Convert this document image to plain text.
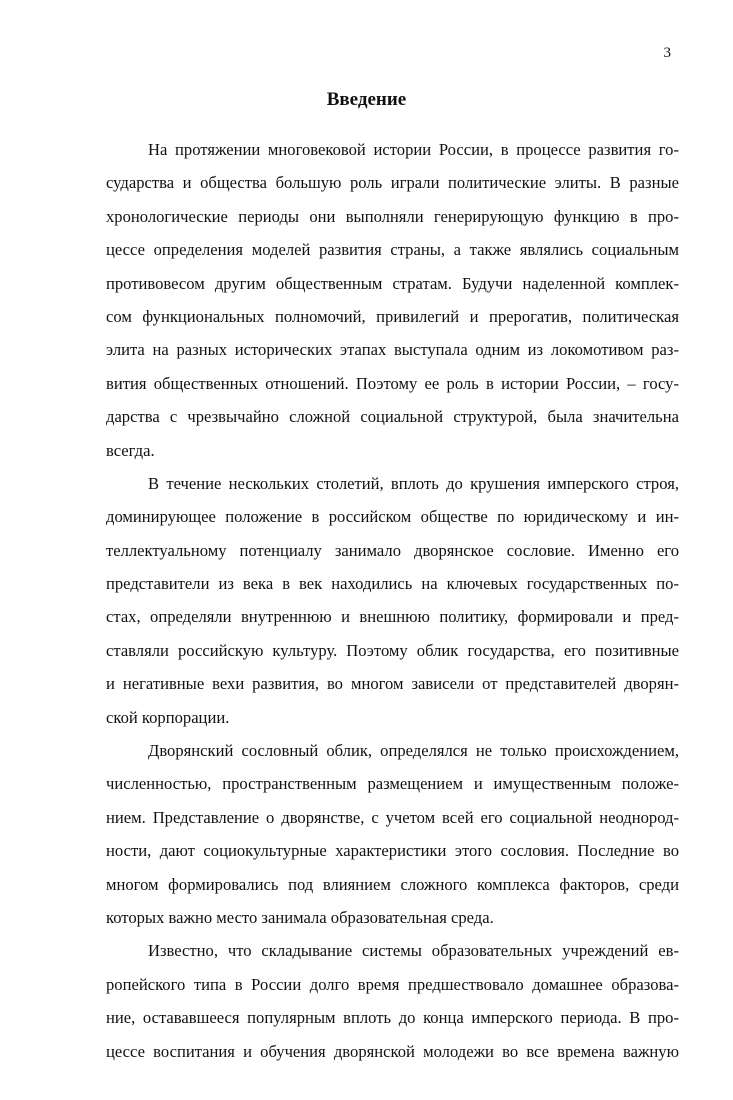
3

Введение
На протяжении многовековой истории России, в процессе развития го-
сударства и общества большую роль играли политические элиты. В разные
хронологические периоды они выполняли генерирующую функцию в про-
цессе определения моделей развития страны, а также являлись социальным
противовесом другим общественным стратам. Будучи наделенной комплек-
сом функциональных полномочий, привилегий и прерогатив, политическая
элита на разных исторических этапах выступала одним из локомотивом раз-
вития общественных отношений. Поэтому ее роль в истории России, – госу-
дарства с чрезвычайно сложной социальной структурой, была значительна
всегда.
В течение нескольких столетий, вплоть до крушения имперского строя,
доминирующее положение в российском обществе по юридическому и ин-
теллектуальному потенциалу занимало дворянское сословие. Именно его
представители из века в век находились на ключевых государственных по-
стах, определяли внутреннюю и внешнюю политику, формировали и пред-
ставляли российскую культуру. Поэтому облик государства, его позитивные
и негативные вехи развития, во многом зависели от представителей дворян-
ской корпорации.
Дворянский сословный облик, определялся не только происхождением,
численностью, пространственным размещением и имущественным положе-
нием. Представление о дворянстве, с учетом всей его социальной неоднород-
ности, дают социокультурные характеристики этого сословия. Последние во
многом формировались под влиянием сложного комплекса факторов, среди
которых важно место занимала образовательная среда.
Известно, что складывание системы образовательных учреждений ев-
ропейского типа в России долго время предшествовало домашнее образова-
ние, остававшееся популярным вплоть до конца имперского периода. В про-
цессе воспитания и обучения дворянской молодежи во все времена важную
